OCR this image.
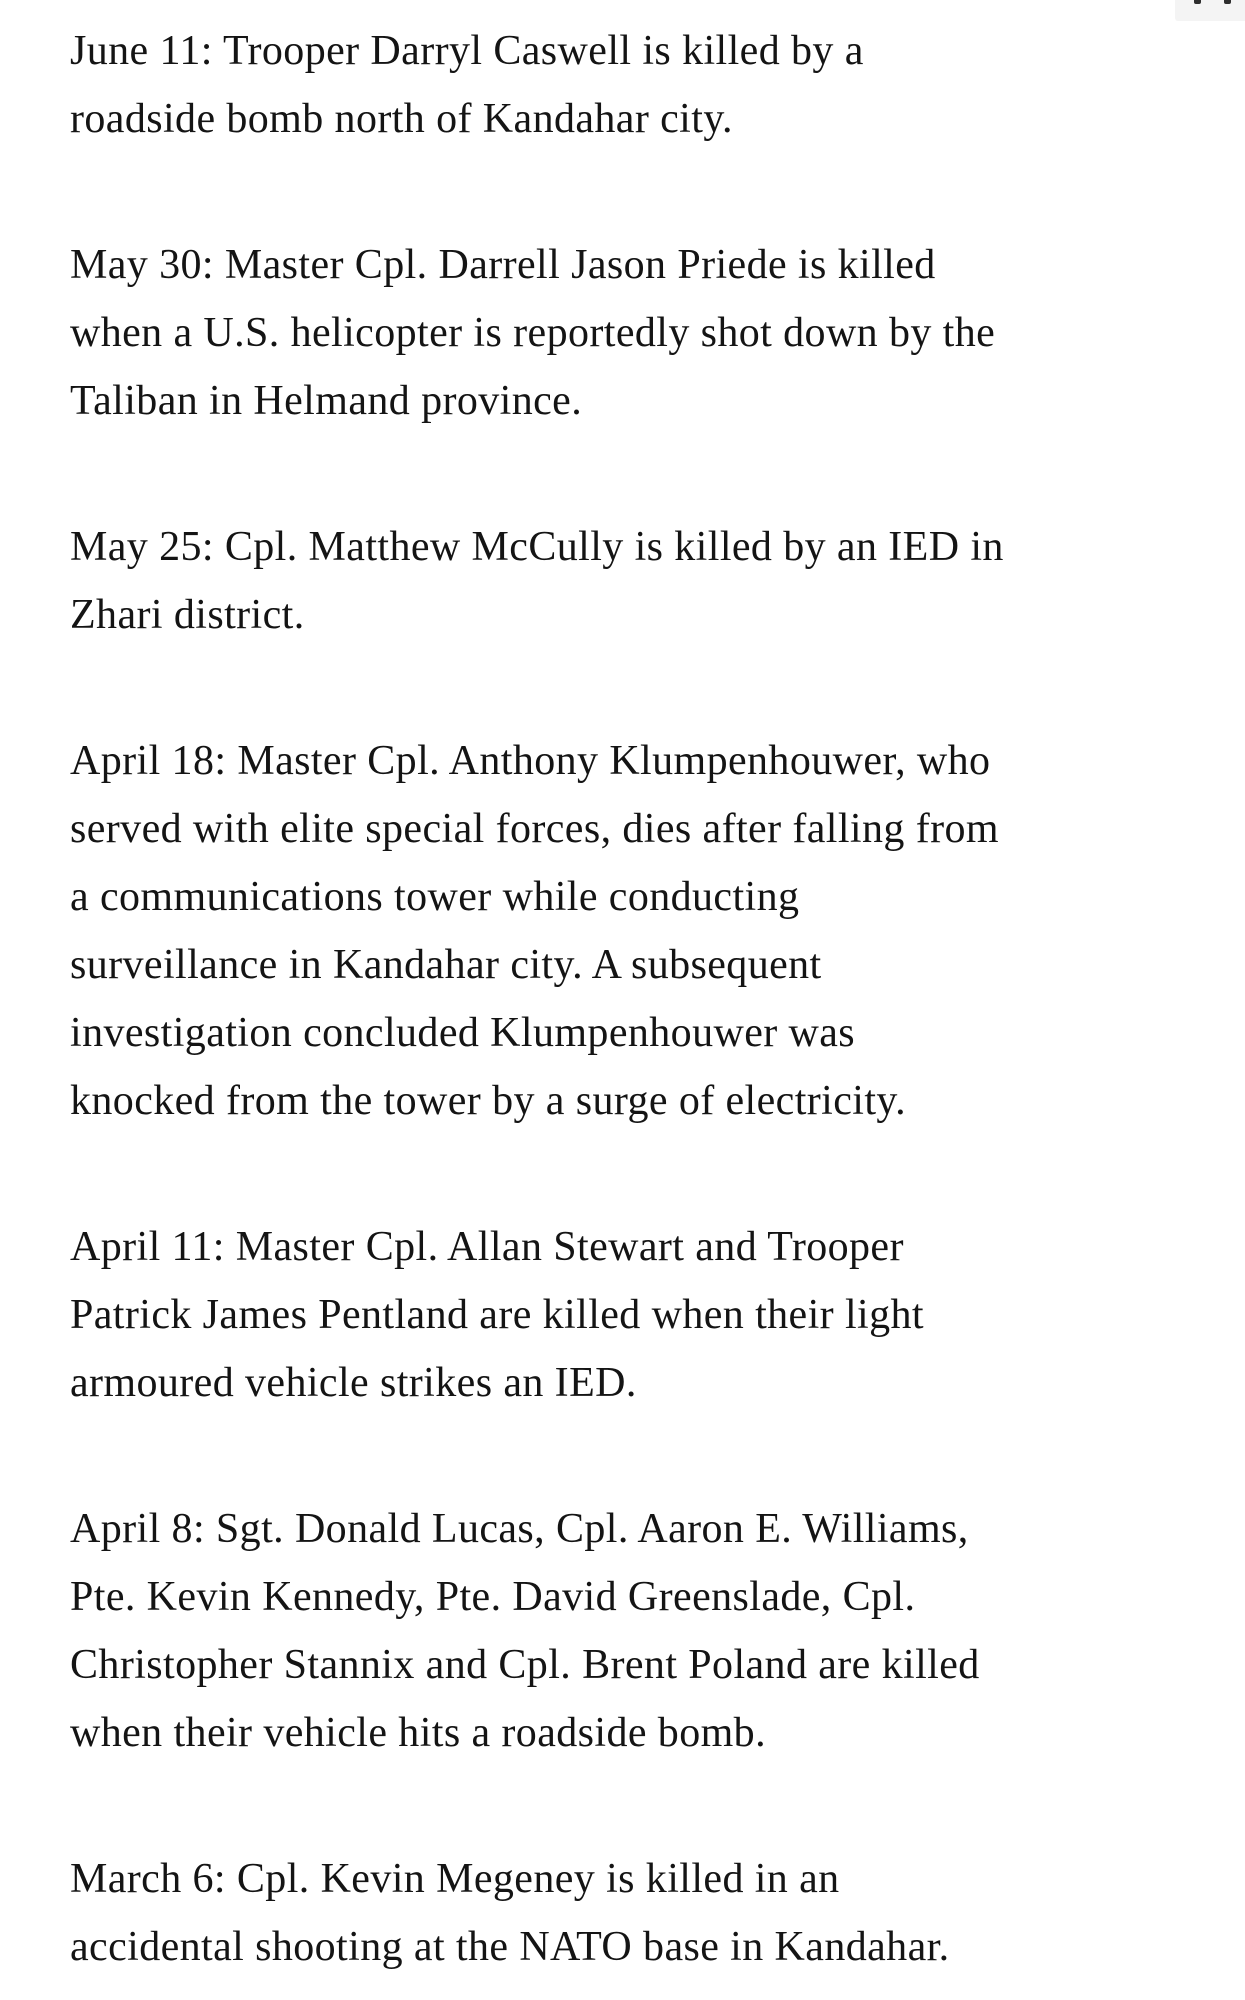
June 11: Trooper Darryl Caswell is killed by a
roadside bomb north of Kandahar city.

May 30: Master Cpl. Darrell Jason Priede is killed
when a U.S. helicopter is reportedly shot down by the
Taliban in Helmand province.

May 25: Cpl. Matthew McCully is killed by an IED in
Zhari district.

April 18: Master Cpl. Anthony Klumpenhouwer, who
served with elite special forces, dies after falling from
a communications tower while conducting
surveillance in Kandahar city. A subsequent
investigation concluded Klumpenhouwer was
knocked from the tower by a surge of electricity.

April 11: Master Cpl. Allan Stewart and Trooper
Patrick James Pentland are killed when their light
armoured vehicle strikes an IED.

April 8: Sgt. Donald Lucas, Cpl. Aaron E. Williams,
Pte. Kevin Kennedy, Pte. David Greenslade, Cpl.
Christopher Stannix and Cpl. Brent Poland are killed
when their vehicle hits a roadside bomb.

March 6: Cpl. Kevin Megeney is killed in an
accidental shooting at the NATO base in Kandahar.
